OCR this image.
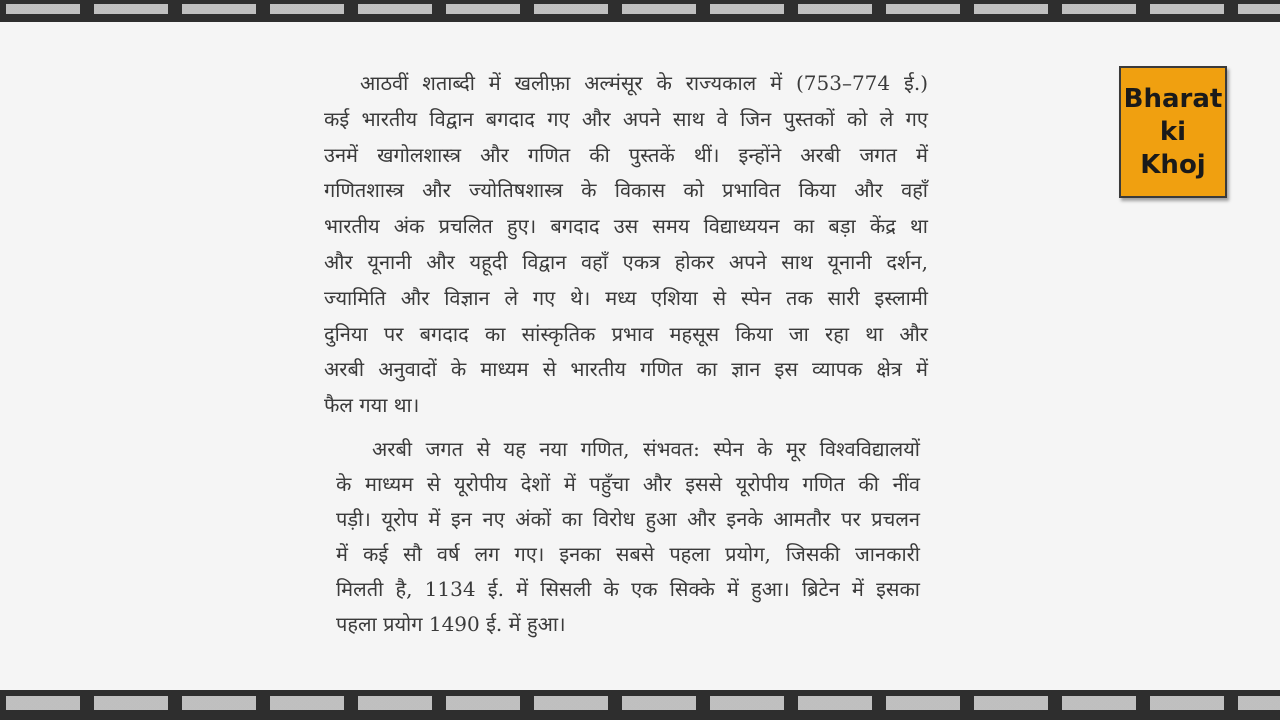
आठवीं शताब्दी में खलीफ़ा अल्मंसूर के राज्यकाल में (753–774 ई.)
कई भारतीय विद्वान बगदाद गए और अपने साथ वे जिन पुस्तकों को ले गए
उनमें खगोलशास्त्र और गणित की पुस्तकें थीं। इन्होंने अरबी जगत में
गणितशास्त्र और ज्योतिषशास्त्र के विकास को प्रभावित किया और वहाँ
भारतीय अंक प्रचलित हुए। बगदाद उस समय विद्याध्ययन का बड़ा केंद्र था
और यूनानी और यहूदी विद्वान वहाँ एकत्र होकर अपने साथ यूनानी दर्शन,
ज्यामिति और विज्ञान ले गए थे। मध्य एशिया से स्पेन तक सारी इस्लामी
दुनिया पर बगदाद का सांस्कृतिक प्रभाव महसूस किया जा रहा था और
अरबी अनुवादों के माध्यम से भारतीय गणित का ज्ञान इस व्यापक क्षेत्र में
फैल गया था।
अरबी जगत से यह नया गणित, संभवत: स्पेन के मूर विश्वविद्यालयों
के माध्यम से यूरोपीय देशों में पहुँचा और इससे यूरोपीय गणित की नींव
पड़ी। यूरोप में इन नए अंकों का विरोध हुआ और इनके आमतौर पर प्रचलन
में कई सौ वर्ष लग गए। इनका सबसे पहला प्रयोग, जिसकी जानकारी
मिलती है, 1134 ई. में सिसली के एक सिक्के में हुआ। ब्रिटेन में इसका
पहला प्रयोग 1490 ई. में हुआ।
Bharat
ki
Khoj
